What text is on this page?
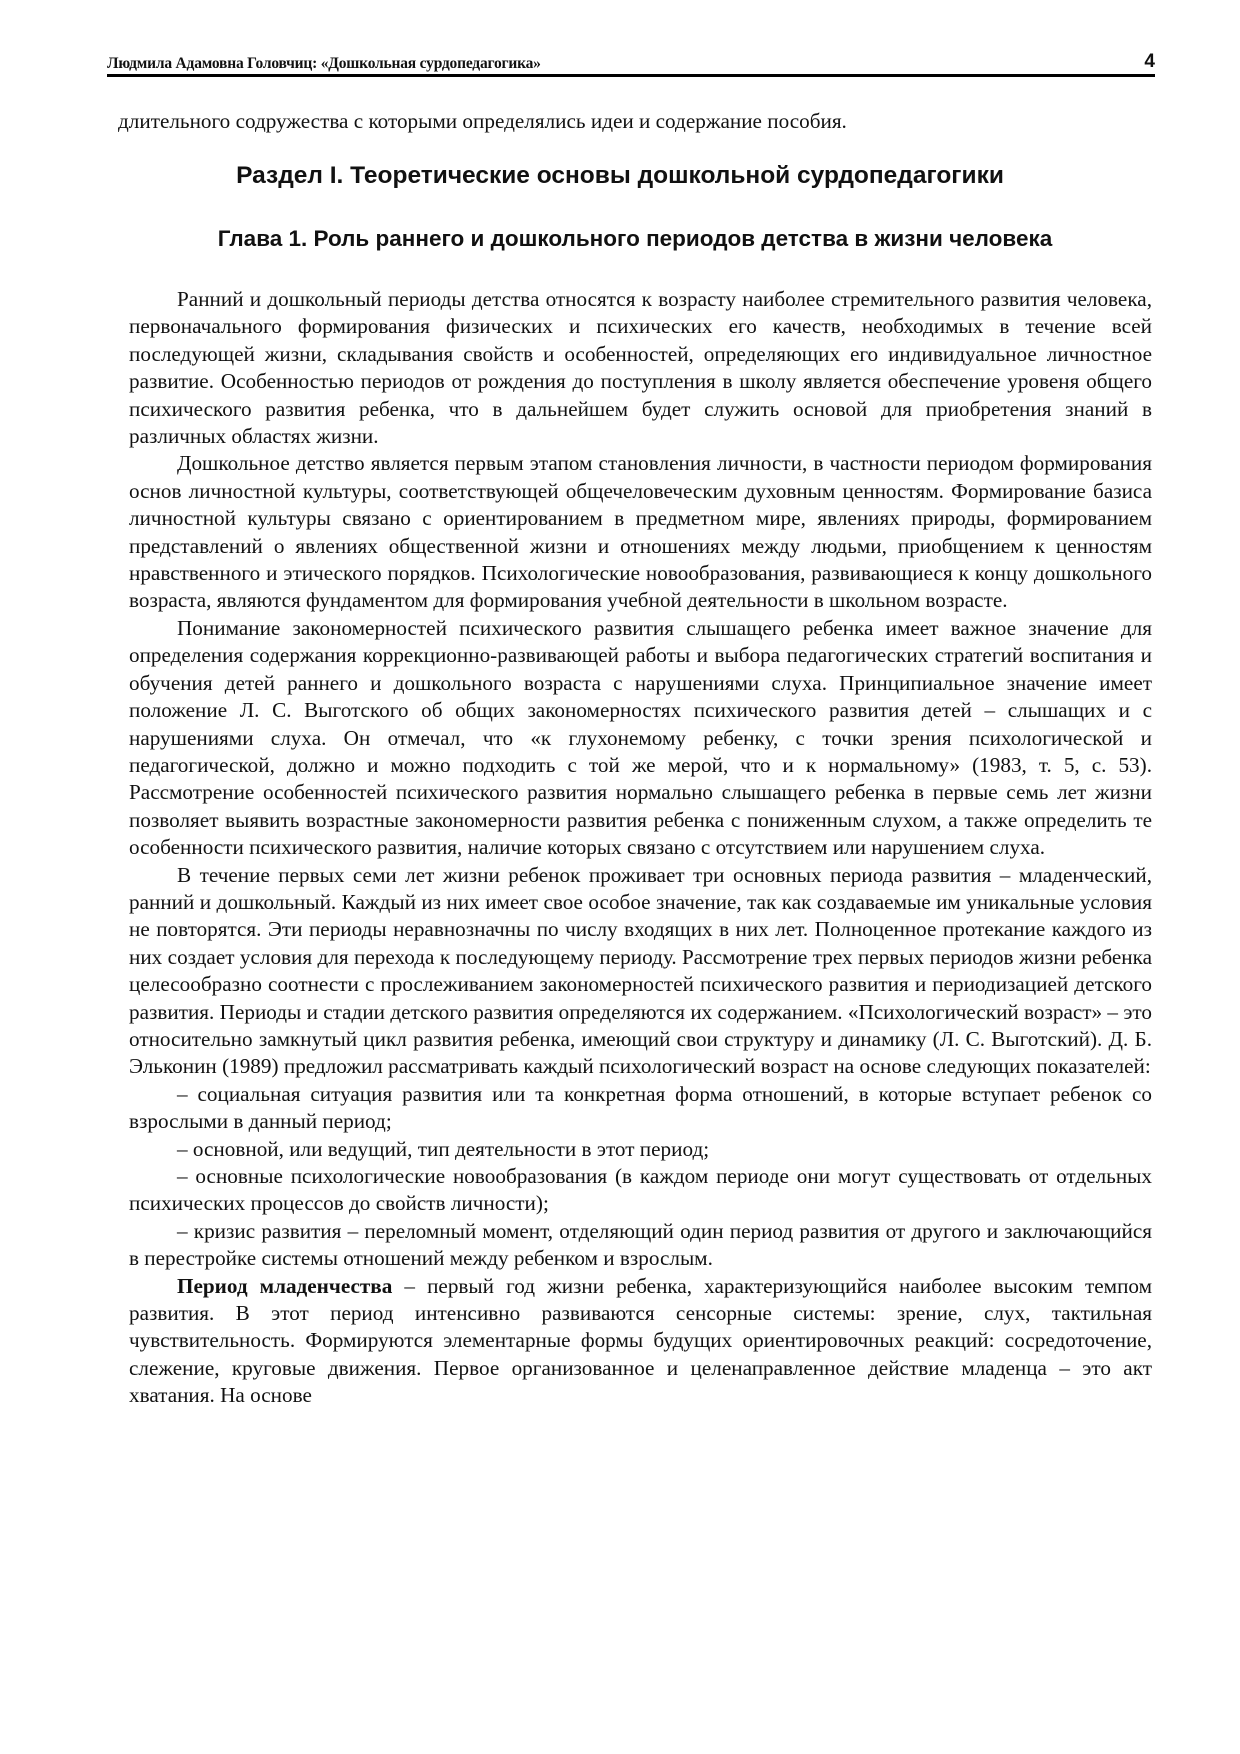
Людмила Адамовна Головчиц: «Дошкольная сурдопедагогика»	4
длительного содружества с которыми определялись идеи и содержание пособия.
Раздел I. Теоретические основы дошкольной сурдопедагогики
Глава 1. Роль раннего и дошкольного периодов детства в жизни человека

Ранний и дошкольный периоды детства относятся к возрасту наиболее стремительного развития человека, первоначального формирования физических и психических его качеств, необходимых в течение всей последующей жизни, складывания свойств и особенностей, определяющих его индивидуальное личностное развитие. Особенностью периодов от рождения до поступления в школу является обеспечение уровеня общего психического развития ребенка, что в дальнейшем будет служить основой для приобретения знаний в различных областях жизни.

Дошкольное детство является первым этапом становления личности, в частности периодом формирования основ личностной культуры, соответствующей общечеловеческим духовным ценностям. Формирование базиса личностной культуры связано с ориентированием в предметном мире, явлениях природы, формированием представлений о явлениях общественной жизни и отношениях между людьми, приобщением к ценностям нравственного и этического порядков. Психологические новообразования, развивающиеся к концу дошкольного возраста, являются фундаментом для формирования учебной деятельности в школьном возрасте.

Понимание закономерностей психического развития слышащего ребенка имеет важное значение для определения содержания коррекционно-развивающей работы и выбора педагогических стратегий воспитания и обучения детей раннего и дошкольного возраста с нарушениями слуха. Принципиальное значение имеет положение Л. С. Выготского об общих закономерностях психического развития детей – слышащих и с нарушениями слуха. Он отмечал, что «к глухонемому ребенку, с точки зрения психологической и педагогической, должно и можно подходить с той же мерой, что и к нормальному» (1983, т. 5, с. 53). Рассмотрение особенностей психического развития нормально слышащего ребенка в первые семь лет жизни позволяет выявить возрастные закономерности развития ребенка с пониженным слухом, а также определить те особенности психического развития, наличие которых связано с отсутствием или нарушением слуха.

В течение первых семи лет жизни ребенок проживает три основных периода развития – младенческий, ранний и дошкольный. Каждый из них имеет свое особое значение, так как создаваемые им уникальные условия не повторятся. Эти периоды неравнозначны по числу входящих в них лет. Полноценное протекание каждого из них создает условия для перехода к последующему периоду. Рассмотрение трех первых периодов жизни ребенка целесообразно соотнести с прослеживанием закономерностей психического развития и периодизацией детского развития. Периоды и стадии детского развития определяются их содержанием. «Психологический возраст» – это относительно замкнутый цикл развития ребенка, имеющий свои структуру и динамику (Л. С. Выготский). Д. Б. Эльконин (1989) предложил рассматривать каждый психологический возраст на основе следующих показателей:

– социальная ситуация развития или та конкретная форма отношений, в которые вступает ребенок со взрослыми в данный период;

– основной, или ведущий, тип деятельности в этот период;

– основные психологические новообразования (в каждом периоде они могут существовать от отдельных психических процессов до свойств личности);

– кризис развития – переломный момент, отделяющий один период развития от другого и заключающийся в перестройке системы отношений между ребенком и взрослым.

Период младенчества – первый год жизни ребенка, характеризующийся наиболее высоким темпом развития. В этот период интенсивно развиваются сенсорные системы: зрение, слух, тактильная чувствительность. Формируются элементарные формы будущих ориентировочных реакций: сосредоточение, слежение, круговые движения. Первое организованное и целенаправленное действие младенца – это акт хватания. На основе
